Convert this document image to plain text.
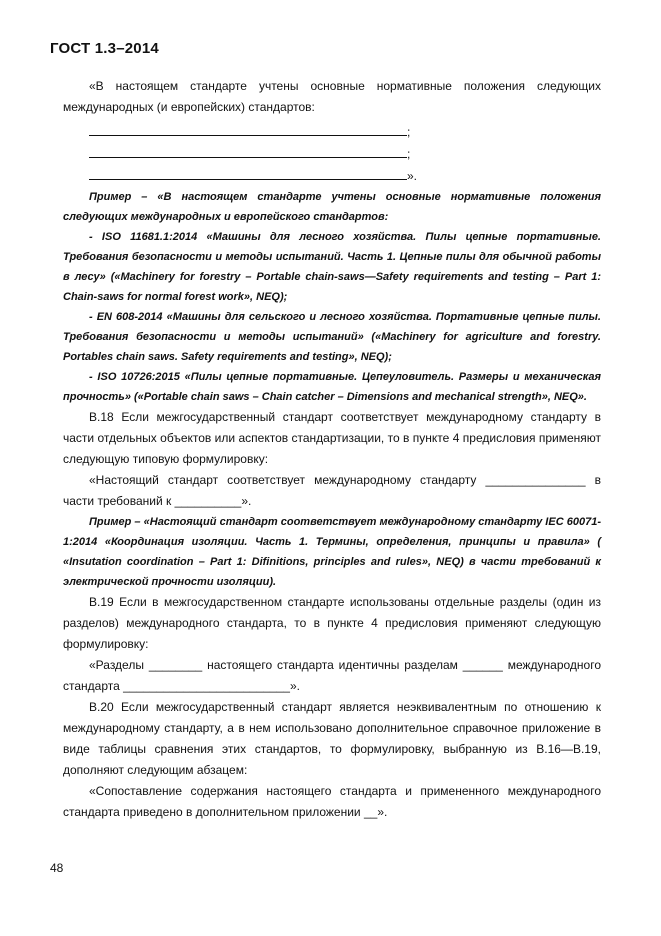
ГОСТ 1.3–2014

«В настоящем стандарте учтены основные нормативные положения следующих международных (и европейских) стандартов:

;
;
».

Пример – «В настоящем стандарте учтены основные нормативные положения следующих международных и европейского стандартов:

- ISO 11681.1:2014 «Машины для лесного хозяйства. Пилы цепные портативные. Требования безопасности и методы испытаний. Часть 1. Цепные пилы для обычной работы в лесу» («Machinery for forestry – Portable chain-saws—Safety requirements and testing – Part 1: Chain-saws for normal forest work», NEQ);

- EN 608-2014 «Машины для сельского и лесного хозяйства. Портативные цепные пилы. Требования безопасности и методы испытаний» («Machinery for agriculture and forestry. Portables chain saws. Safety requirements and testing», NEQ);

- ISO 10726:2015 «Пилы цепные портативные. Цепеуловитель. Размеры и механическая прочность» («Portable chain saws – Chain catcher – Dimensions and mechanical strength», NEQ».

В.18 Если межгосударственный стандарт соответствует международному стандарту в части отдельных объектов или аспектов стандартизации, то в пункте 4 предисловия применяют следующую типовую формулировку:

«Настоящий стандарт соответствует международному стандарту _______________ в части требований к __________».

Пример – «Настоящий стандарт соответствует международному стандарту IEC 60071-1:2014 «Координация изоляции. Часть 1. Термины, определения, принципы и правила» ( «Insutation coordination – Part 1: Difinitions, principles and rules», NEQ) в части требований к электрической прочности изоляции).

В.19 Если в межгосударственном стандарте использованы отдельные разделы (один из разделов) международного стандарта, то в пункте 4 предисловия применяют следующую формулировку:

«Разделы ________ настоящего стандарта идентичны разделам ______ международного стандарта _________________________».

В.20 Если межгосударственный стандарт является неэквивалентным по отношению к международному стандарту, а в нем использовано дополнительное справочное приложение в виде таблицы сравнения этих стандартов, то формулировку, выбранную из В.16—В.19, дополняют следующим абзацем:

«Сопоставление содержания настоящего стандарта и примененного международного стандарта приведено в дополнительном приложении __».

48
